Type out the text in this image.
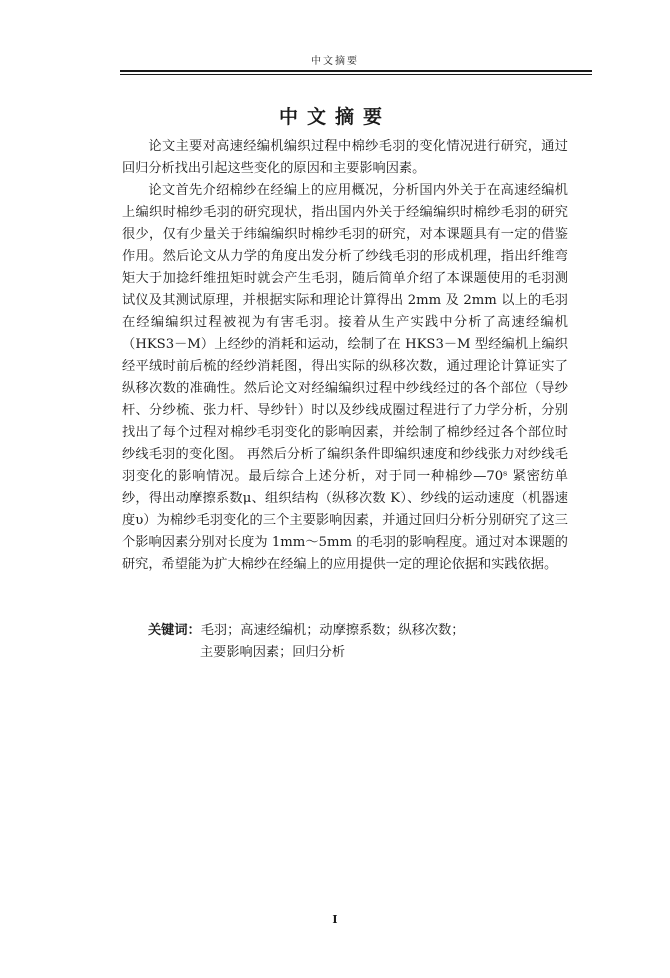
中文摘要
中文摘要

论文主要对高速经编机编织过程中棉纱毛羽的变化情况进行研究，通过回归分析找出引起这些变化的原因和主要影响因素。

论文首先介绍棉纱在经编上的应用概况，分析国内外关于在高速经编机上编织时棉纱毛羽的研究现状，指出国内外关于经编编织时棉纱毛羽的研究很少，仅有少量关于纬编编织时棉纱毛羽的研究，对本课题具有一定的借鉴作用。然后论文从力学的角度出发分析了纱线毛羽的形成机理，指出纤维弯矩大于加捻纤维扭矩时就会产生毛羽，随后简单介绍了本课题使用的毛羽测试仪及其测试原理，并根据实际和理论计算得出 2mm 及 2mm 以上的毛羽在经编编织过程被视为有害毛羽。接着从生产实践中分析了高速经编机（HKS3－M）上经纱的消耗和运动，绘制了在 HKS3－M 型经编机上编织经平绒时前后梳的经纱消耗图，得出实际的纵移次数，通过理论计算证实了纵移次数的准确性。然后论文对经编编织过程中纱线经过的各个部位（导纱杆、分纱梳、张力杆、导纱针）时以及纱线成圈过程进行了力学分析，分别找出了每个过程对棉纱毛羽变化的影响因素，并绘制了棉纱经过各个部位时纱线毛羽的变化图。 再然后分析了编织条件即编织速度和纱线张力对纱线毛羽变化的影响情况。最后综合上述分析，对于同一种棉纱—70ˢ 紧密纺单纱，得出动摩擦系数μ、组织结构（纵移次数 K）、纱线的运动速度（机器速度υ）为棉纱毛羽变化的三个主要影响因素，并通过回归分析分别研究了这三个影响因素分别对长度为 1mm～5mm 的毛羽的影响程度。通过对本课题的研究，希望能为扩大棉纱在经编上的应用提供一定的理论依据和实践依据。

关键词：毛羽；高速经编机；动摩擦系数；纵移次数；
主要影响因素；回归分析
I
